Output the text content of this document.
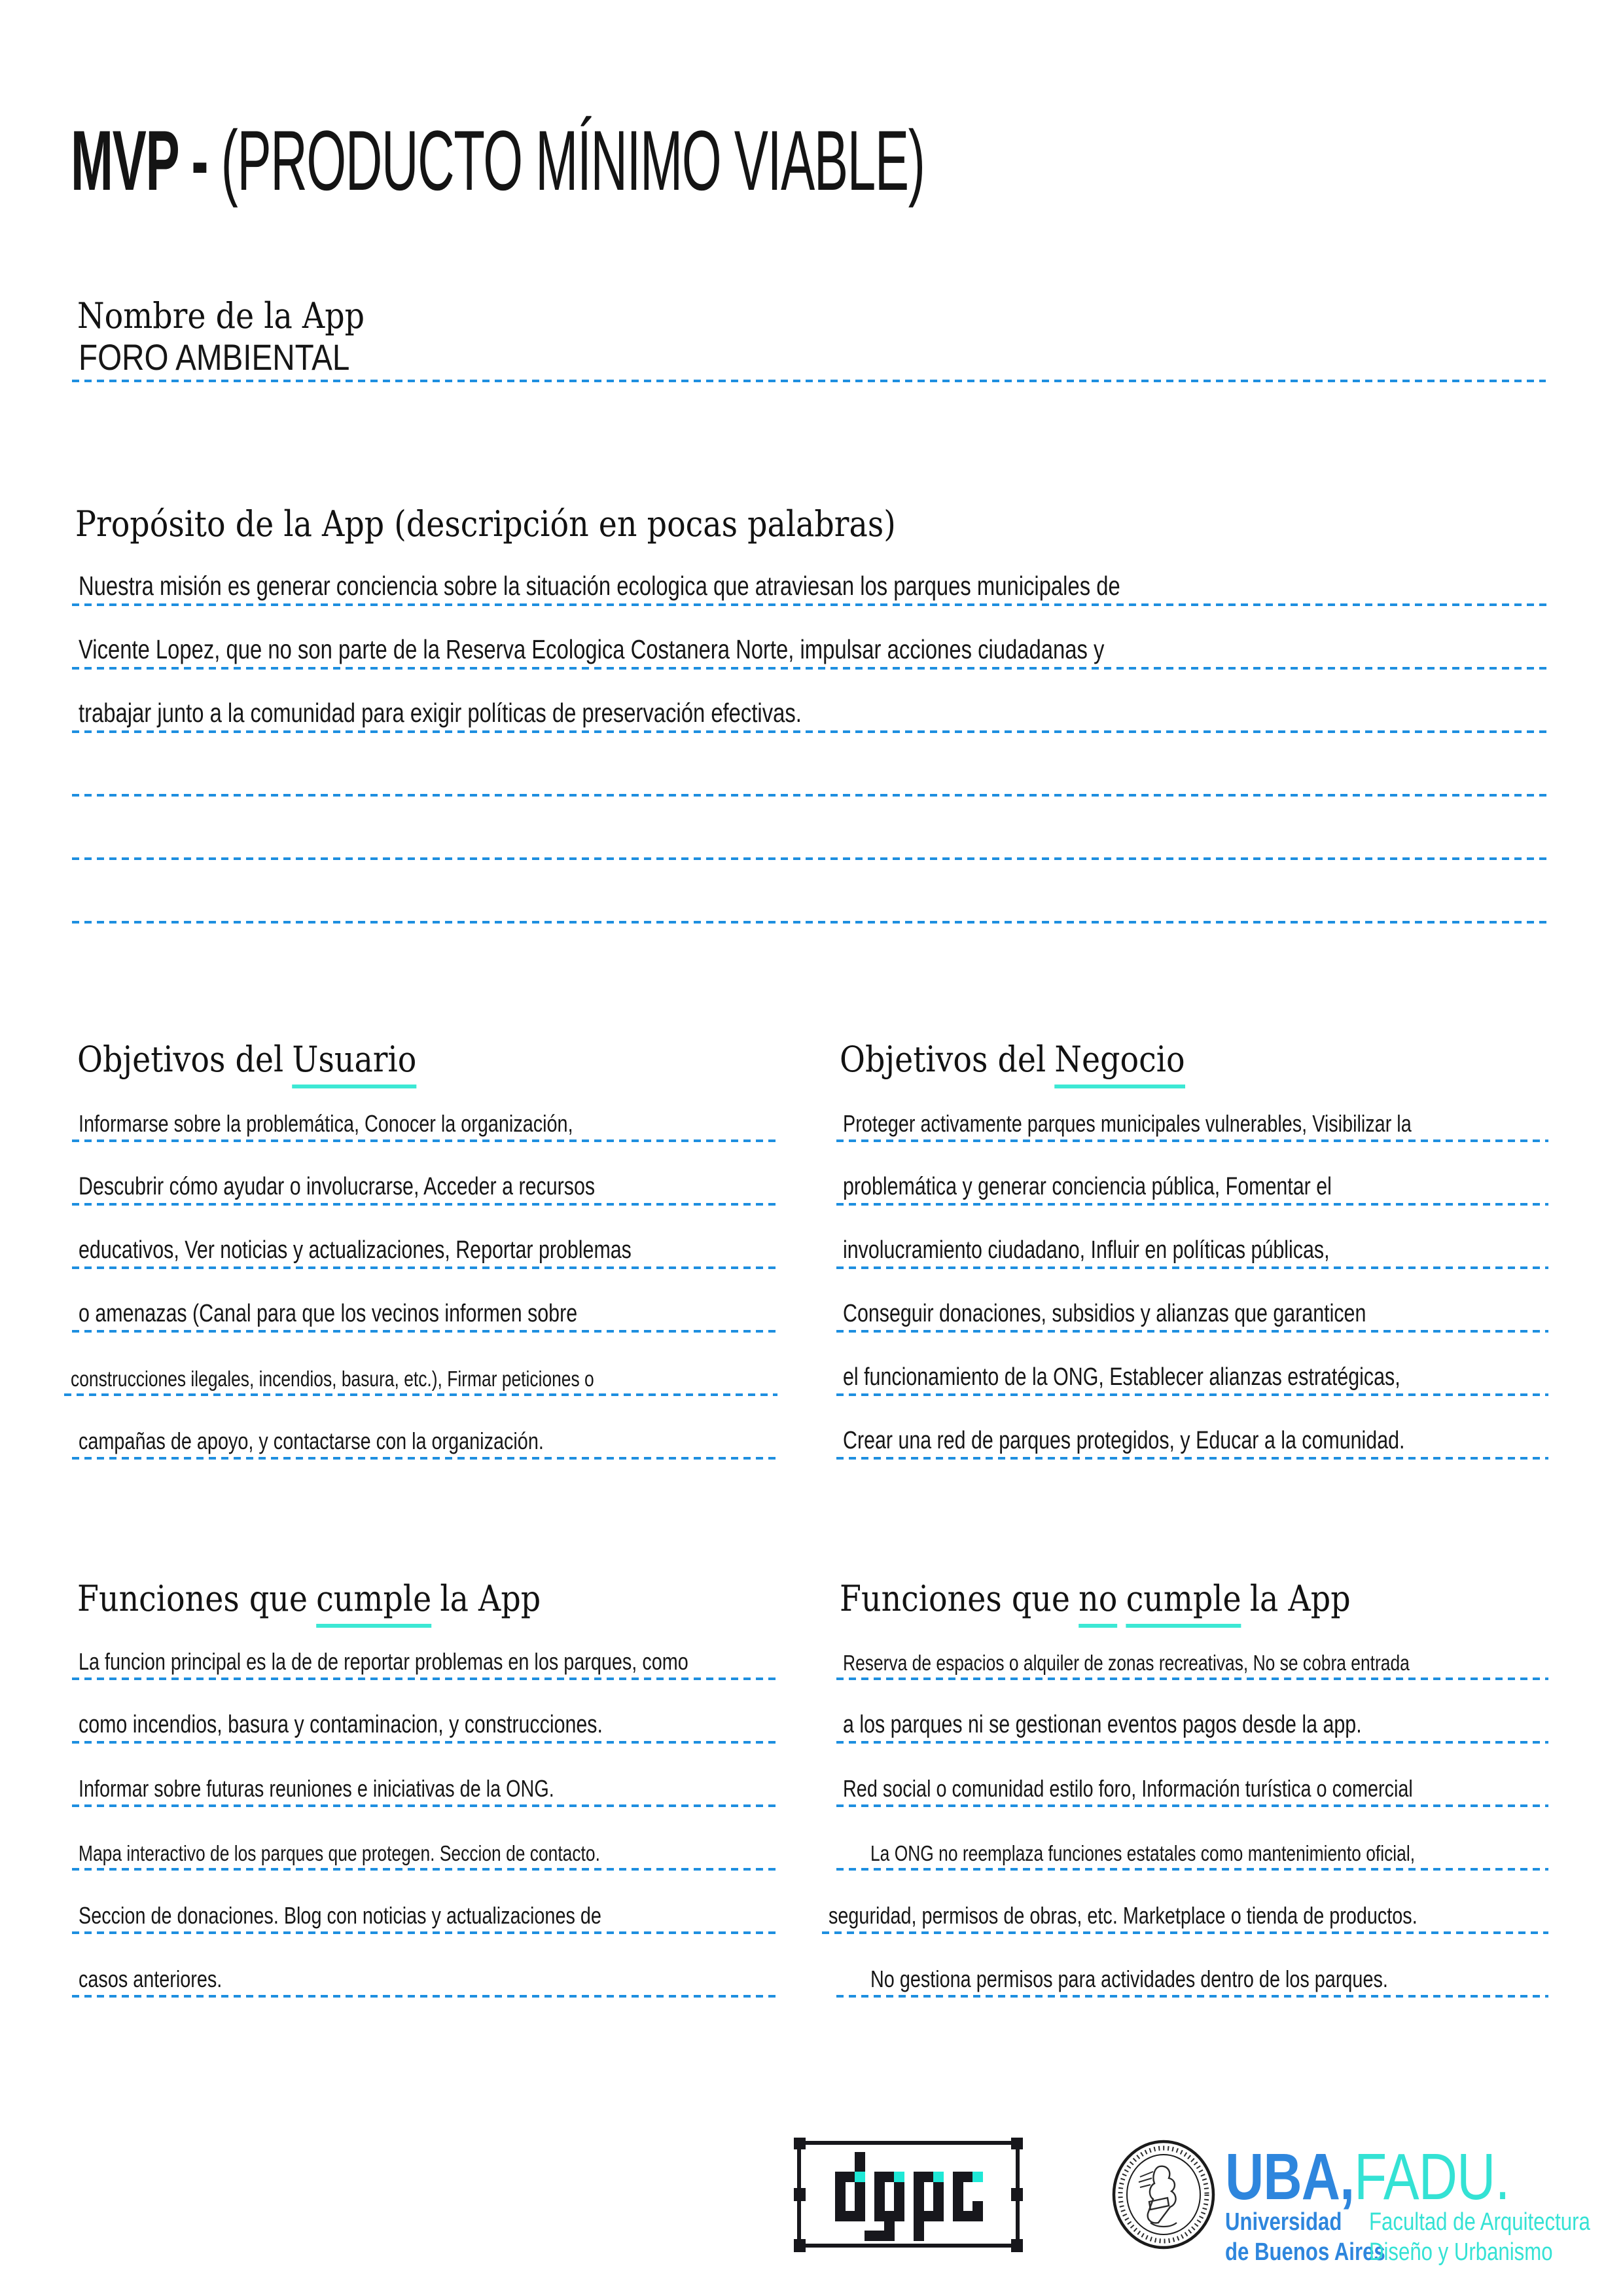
MVP - (PRODUCTO MÍNIMO VIABLE)
Nombre de la App
FORO AMBIENTAL
Propósito de la App (descripción en pocas palabras)
Nuestra misión es generar conciencia sobre la situación ecologica que atraviesan los parques municipales de
Vicente Lopez, que no son parte de la Reserva Ecologica Costanera Norte, impulsar acciones ciudadanas y
trabajar junto a la comunidad para exigir políticas de preservación efectivas.
Objetivos del Usuario
Informarse sobre la problemática, Conocer la organización,
Descubrir cómo ayudar o involucrarse, Acceder a recursos
educativos, Ver noticias y actualizaciones, Reportar problemas
o amenazas (Canal para que los vecinos informen sobre
construcciones ilegales, incendios, basura, etc.), Firmar peticiones o
campañas de apoyo, y contactarse con la organización.
Objetivos del Negocio
Proteger activamente parques municipales vulnerables, Visibilizar la
problemática y generar conciencia pública, Fomentar el
involucramiento ciudadano, Influir en políticas públicas,
Conseguir donaciones, subsidios y alianzas que garanticen
el funcionamiento de la ONG, Establecer alianzas estratégicas,
Crear una red de parques protegidos, y Educar a la comunidad.
Funciones que cumple la App
La funcion principal es la de de reportar problemas en los parques, como
como incendios, basura y contaminacion, y construcciones.
Informar sobre futuras reuniones e iniciativas de la ONG.
Mapa interactivo de los parques que protegen. Seccion de contacto.
Seccion de donaciones. Blog con noticias y actualizaciones de
casos anteriores.
Funciones que no cumple la App
Reserva de espacios o alquiler de zonas recreativas, No se cobra entrada
a los parques ni se gestionan eventos pagos desde la app.
Red social o comunidad estilo foro, Información turística o comercial
La ONG no reemplaza funciones estatales como mantenimiento oficial,
seguridad, permisos de obras, etc. Marketplace o tienda de productos.
No gestiona permisos para actividades dentro de los parques.
UBA,FADU.
Universidad
de Buenos Aires
Facultad de Arquitectura
Diseño y Urbanismo
